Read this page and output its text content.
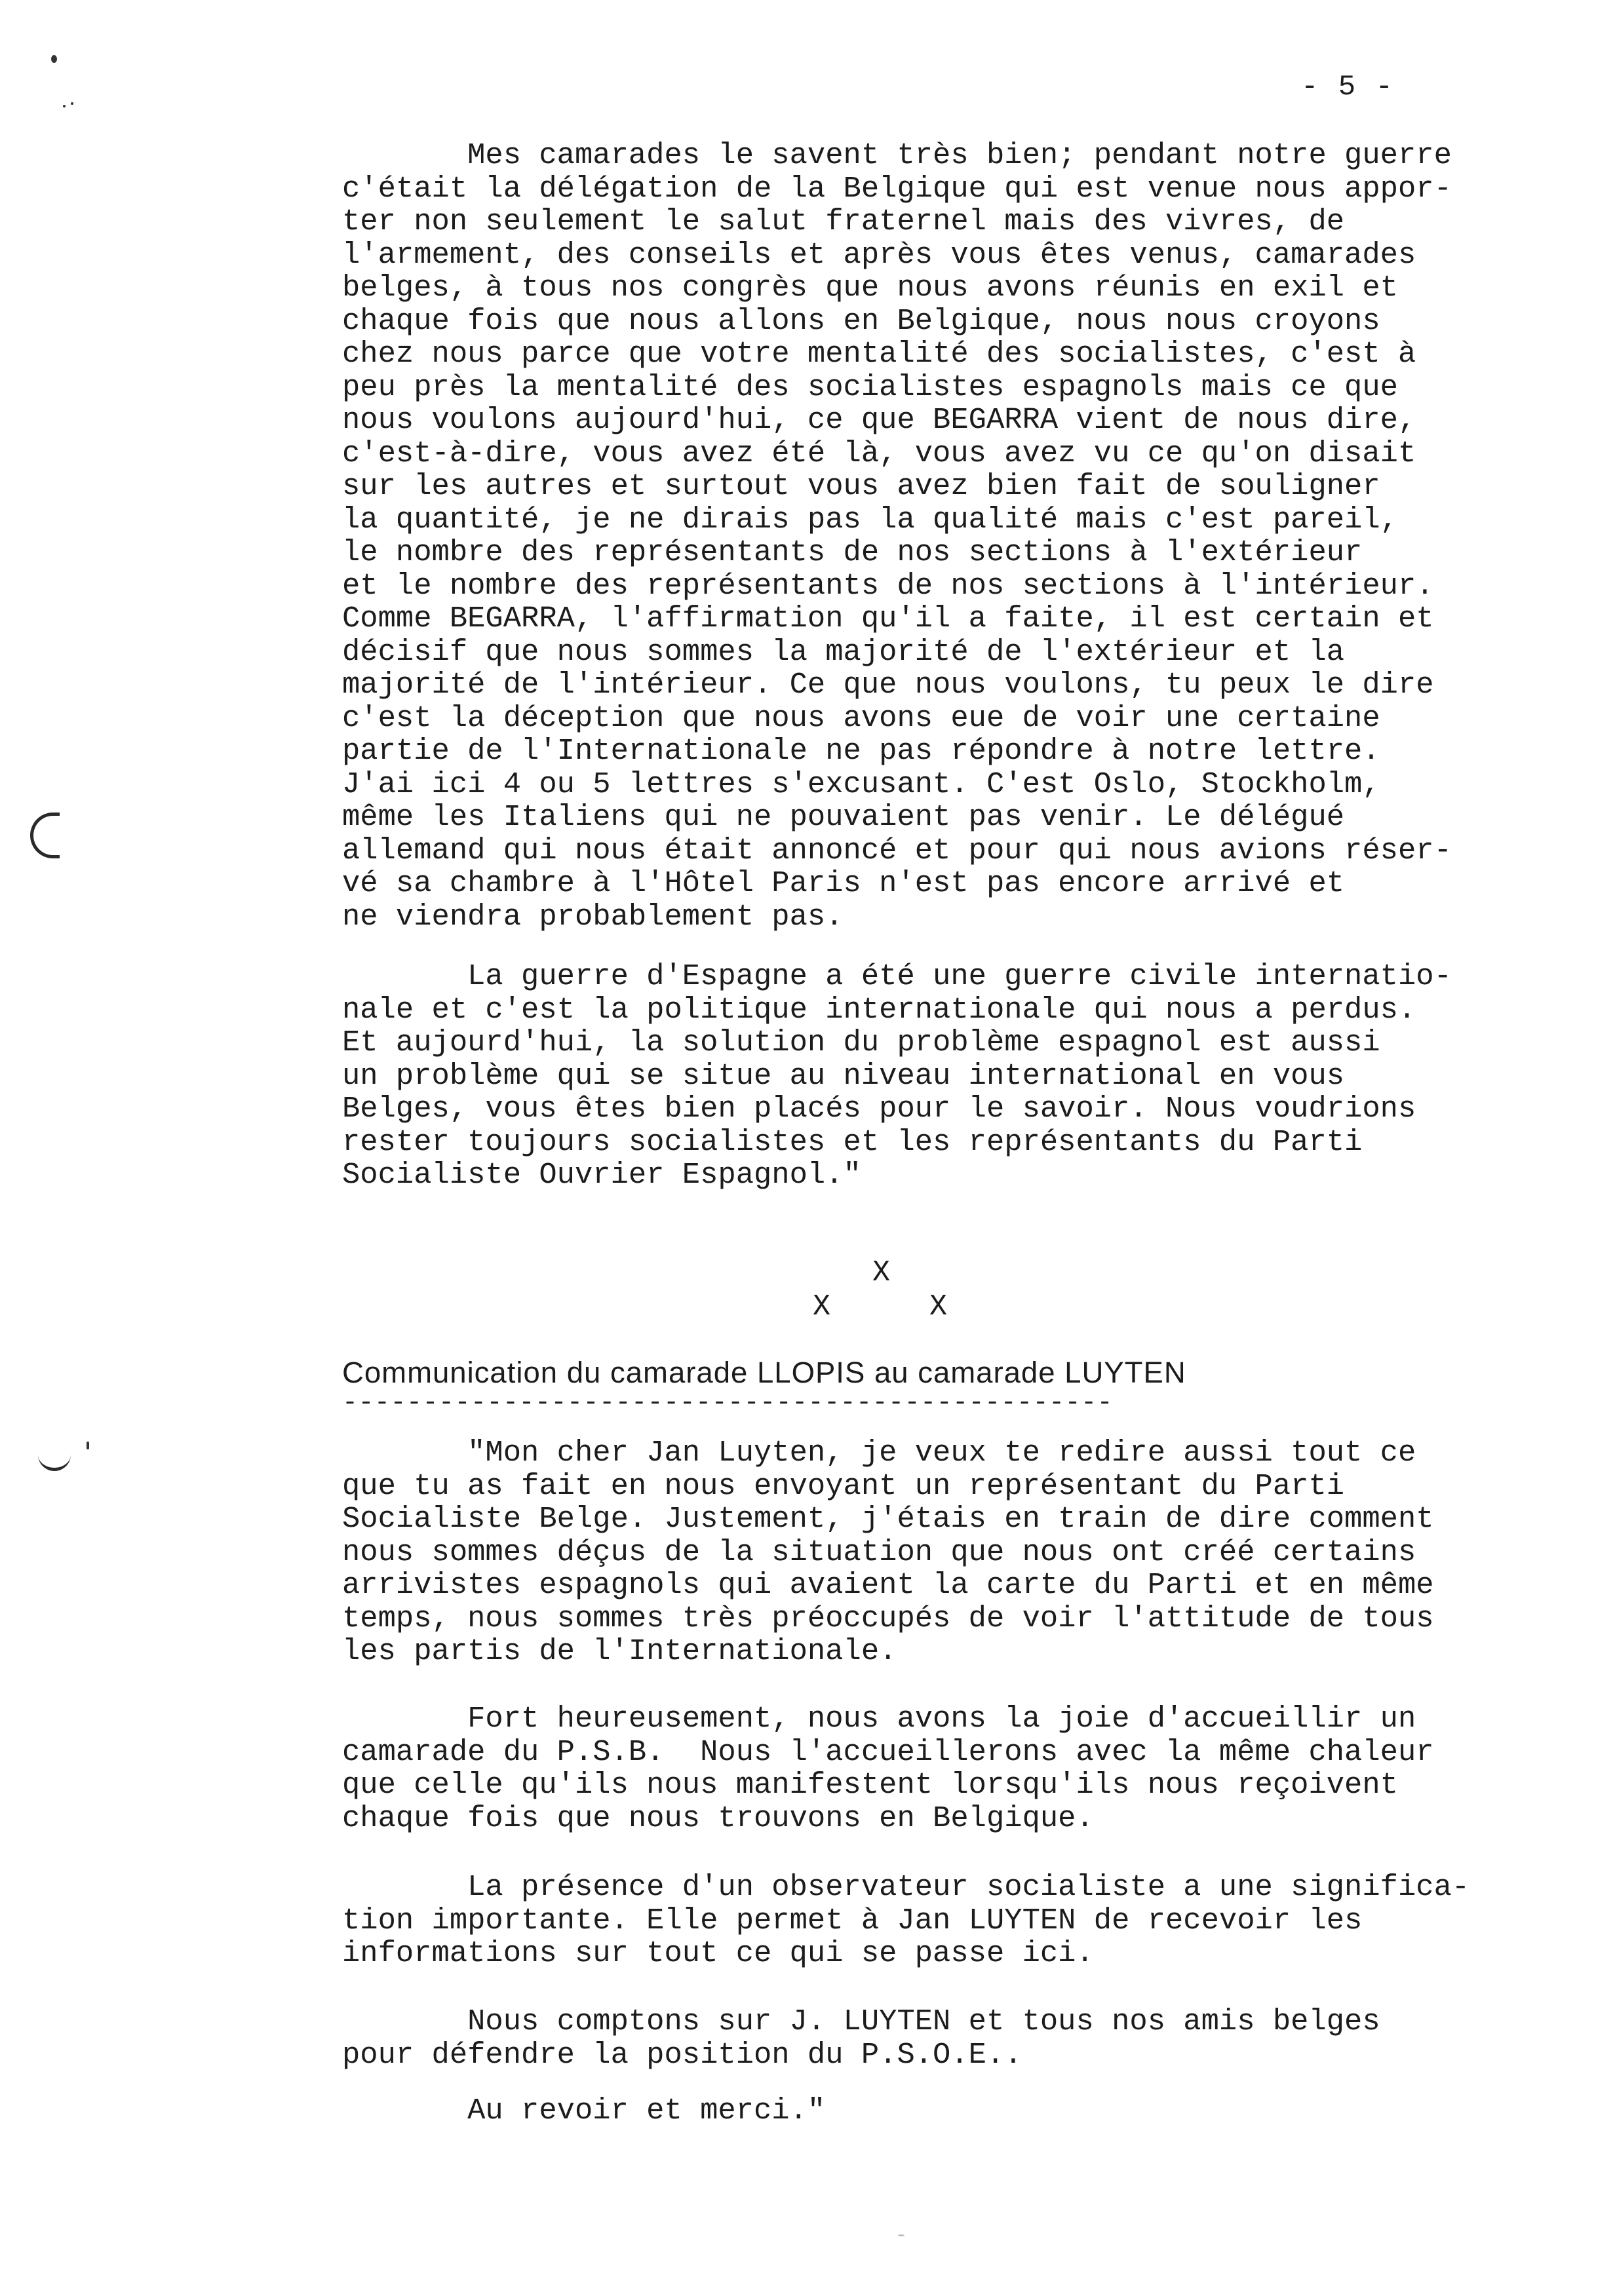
- 5 -
Mes camarades le savent très bien; pendant notre guerre
c'était la délégation de la Belgique qui est venue nous appor-
ter non seulement le salut fraternel mais des vivres, de
l'armement, des conseils et après vous êtes venus, camarades
belges, à tous nos congrès que nous avons réunis en exil et
chaque fois que nous allons en Belgique, nous nous croyons
chez nous parce que votre mentalité des socialistes, c'est à
peu près la mentalité des socialistes espagnols mais ce que
nous voulons aujourd'hui, ce que BEGARRA vient de nous dire,
c'est-à-dire, vous avez été là, vous avez vu ce qu'on disait
sur les autres et surtout vous avez bien fait de souligner
la quantité, je ne dirais pas la qualité mais c'est pareil,
le nombre des représentants de nos sections à l'extérieur
et le nombre des représentants de nos sections à l'intérieur.
Comme BEGARRA, l'affirmation qu'il a faite, il est certain et
décisif que nous sommes la majorité de l'extérieur et la
majorité de l'intérieur. Ce que nous voulons, tu peux le dire
c'est la déception que nous avons eue de voir une certaine
partie de l'Internationale ne pas répondre à notre lettre.
J'ai ici 4 ou 5 lettres s'excusant. C'est Oslo, Stockholm,
même les Italiens qui ne pouvaient pas venir. Le délégué
allemand qui nous était annoncé et pour qui nous avions réser-
vé sa chambre à l'Hôtel Paris n'est pas encore arrivé et
ne viendra probablement pas.
La guerre d'Espagne a été une guerre civile internatio-
nale et c'est la politique internationale qui nous a perdus.
Et aujourd'hui, la solution du problème espagnol est aussi
un problème qui se situe au niveau international en vous
Belges, vous êtes bien placés pour le savoir. Nous voudrions
rester toujours socialistes et les représentants du Parti
Socialiste Ouvrier Espagnol."
X
X	X
Communication du camarade LLOPIS au camarade LUYTEN
------------------------------------------------
"Mon cher Jan Luyten, je veux te redire aussi tout ce
que tu as fait en nous envoyant un représentant du Parti
Socialiste Belge. Justement, j'étais en train de dire comment
nous sommes déçus de la situation que nous ont créé certains
arrivistes espagnols qui avaient la carte du Parti et en même
temps, nous sommes très préoccupés de voir l'attitude de tous
les partis de l'Internationale.
Fort heureusement, nous avons la joie d'accueillir un
camarade du P.S.B.  Nous l'accueillerons avec la même chaleur
que celle qu'ils nous manifestent lorsqu'ils nous reçoivent
chaque fois que nous trouvons en Belgique.
La présence d'un observateur socialiste a une significa-
tion importante. Elle permet à Jan LUYTEN de recevoir les
informations sur tout ce qui se passe ici.
Nous comptons sur J. LUYTEN et tous nos amis belges
pour défendre la position du P.S.O.E..
Au revoir et merci."
